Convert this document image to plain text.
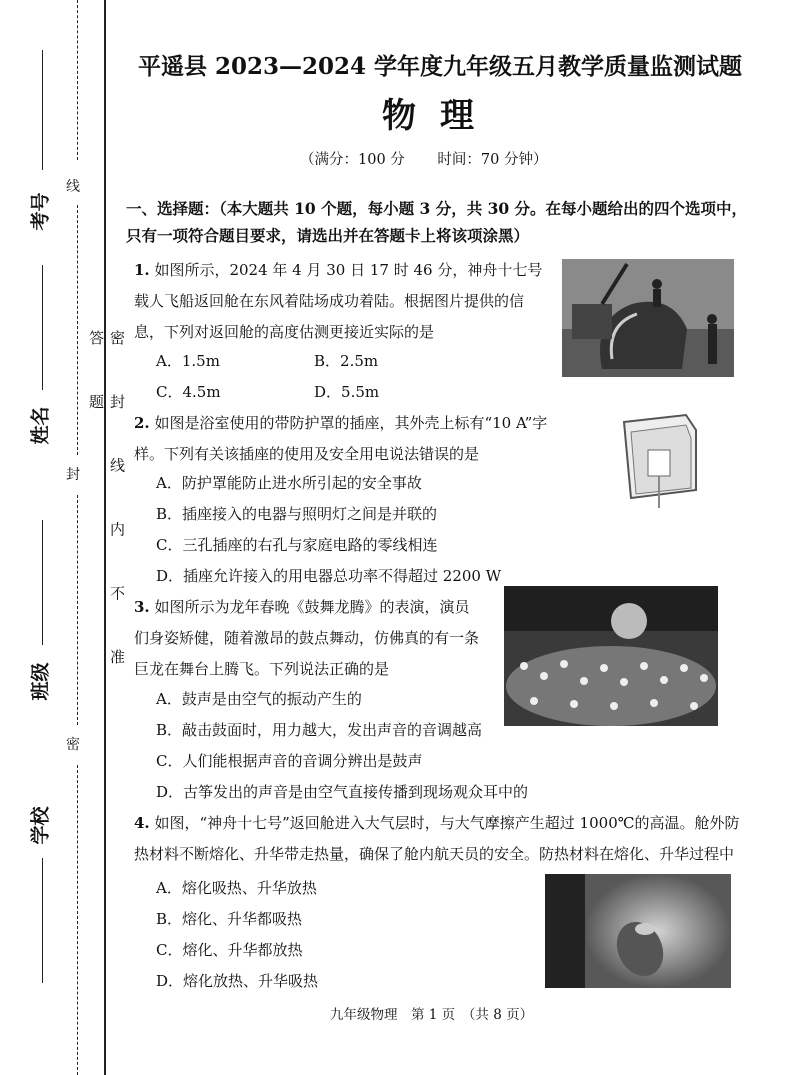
考号
姓名
班级
学校
线
封
密
密 封 线 内 不 准 答 题
平遥县 2023—2024 学年度九年级五月教学质量监测试题
物理
（满分：100 分 时间：70 分钟）
一、选择题：（本大题共 10 个题，每小题 3 分，共 30 分。在每小题给出的四个选项中，只有一项符合题目要求，请选出并在答题卡上将该项涂黑）
1. 如图所示，2024 年 4 月 30 日 17 时 46 分，神舟十七号载人飞船返回舱在东风着陆场成功着陆。根据图片提供的信息，下列对返回舱的高度估测更接近实际的是
A．1.5m	B．2.5m
C．4.5m	D．5.5m
2. 如图是浴室使用的带防护罩的插座，其外壳上标有“10 A”字样。下列有关该插座的使用及安全用电说法错误的是
A．防护罩能防止进水所引起的安全事故
B．插座接入的电器与照明灯之间是并联的
C．三孔插座的右孔与家庭电路的零线相连
D．插座允许接入的用电器总功率不得超过 2200 W
3. 如图所示为龙年春晚《鼓舞龙腾》的表演，演员们身姿矫健，随着激昂的鼓点舞动，仿佛真的有一条巨龙在舞台上腾飞。下列说法正确的是
A．鼓声是由空气的振动产生的
B．敲击鼓面时，用力越大，发出声音的音调越高
C．人们能根据声音的音调分辨出是鼓声
D．古筝发出的声音是由空气直接传播到现场观众耳中的
4. 如图，“神舟十七号”返回舱进入大气层时，与大气摩擦产生超过 1000℃的高温。舱外防热材料不断熔化、升华带走热量，确保了舱内航天员的安全。防热材料在熔化、升华过程中
A．熔化吸热、升华放热
B．熔化、升华都吸热
C．熔化、升华都放热
D．熔化放热、升华吸热
九年级物理　第 1 页　（共 8 页）
